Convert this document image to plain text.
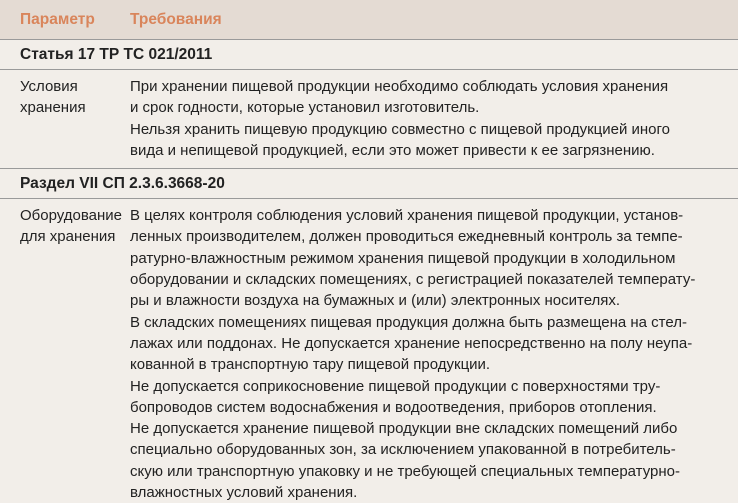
Параметр	Требования
Статья 17 ТР ТС 021/2011

Условия

хранения

При хранении пищевой продукции необходимо соблюдать условия хранения

и срок годности, которые установил изготовитель.

Нельзя хранить пищевую продукцию совместно с пищевой продукцией иного

вида и непищевой продукцией, если это может привести к ее загрязнению.

Раздел VII СП 2.3.6.3668-20

Оборудование

для хранения

В целях контроля соблюдения условий хранения пищевой продукции, установ-

ленных производителем, должен проводиться ежедневный контроль за темпе-

ратурно-влажностным режимом хранения пищевой продукции в холодильном

оборудовании и складских помещениях, с регистрацией показателей температу-

ры и влажности воздуха на бумажных и (или) электронных носителях.

В складских помещениях пищевая продукция должна быть размещена на стел-

лажах или поддонах. Не допускается хранение непосредственно на полу неупа-

кованной в транспортную тару пищевой продукции.

Не допускается соприкосновение пищевой продукции с поверхностями тру-

бопроводов систем водоснабжения и водоотведения, приборов отопления.

Не допускается хранение пищевой продукции вне складских помещений либо

специально оборудованных зон, за исключением упакованной в потребитель-

скую или транспортную упаковку и не требующей специальных температурно-

влажностных условий хранения.
